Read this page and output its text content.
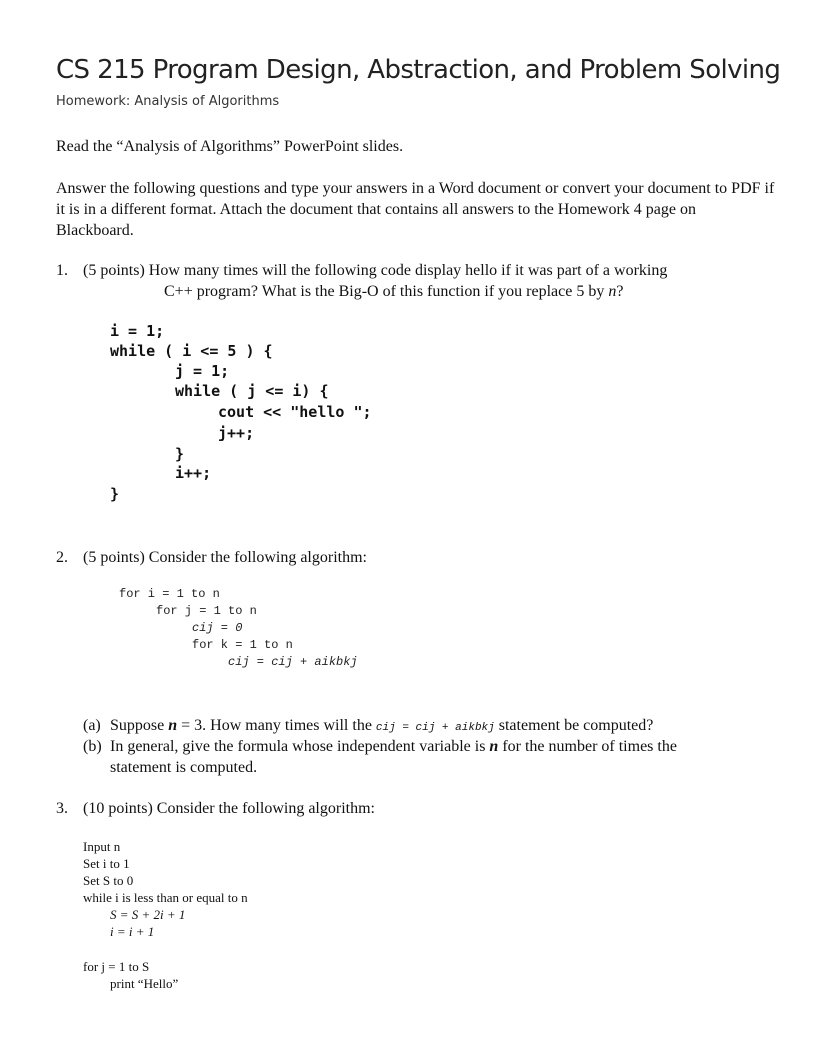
CS 215 Program Design, Abstraction, and Problem Solving
Homework: Analysis of Algorithms
Read the “Analysis of Algorithms” PowerPoint slides.
Answer the following questions and type your answers in a Word document or convert your document to PDF if it is in a different format. Attach the document that contains all answers to the Homework 4 page on Blackboard.
1. (5 points) How many times will the following code display hello if it was part of a working
C++ program? What is the Big-O of this function if you replace 5 by n?
i = 1;
while ( i <= 5 ) {
j = 1;
while ( j <= i) {
cout << "hello ";
j++;
}
i++;
}
2. (5 points) Consider the following algorithm:
for i = 1 to n
for j = 1 to n
cij = 0
for k = 1 to n
cij = cij + aikbkj
(a) Suppose n = 3. How many times will the cij = cij + aikbkj statement be computed?
(b) In general, give the formula whose independent variable is n for the number of times the
statement is computed.
3. (10 points) Consider the following algorithm:
Input n
Set i to 1
Set S to 0
while i is less than or equal to n
S = S + 2i + 1
i = i + 1
for j = 1 to S
print “Hello”
